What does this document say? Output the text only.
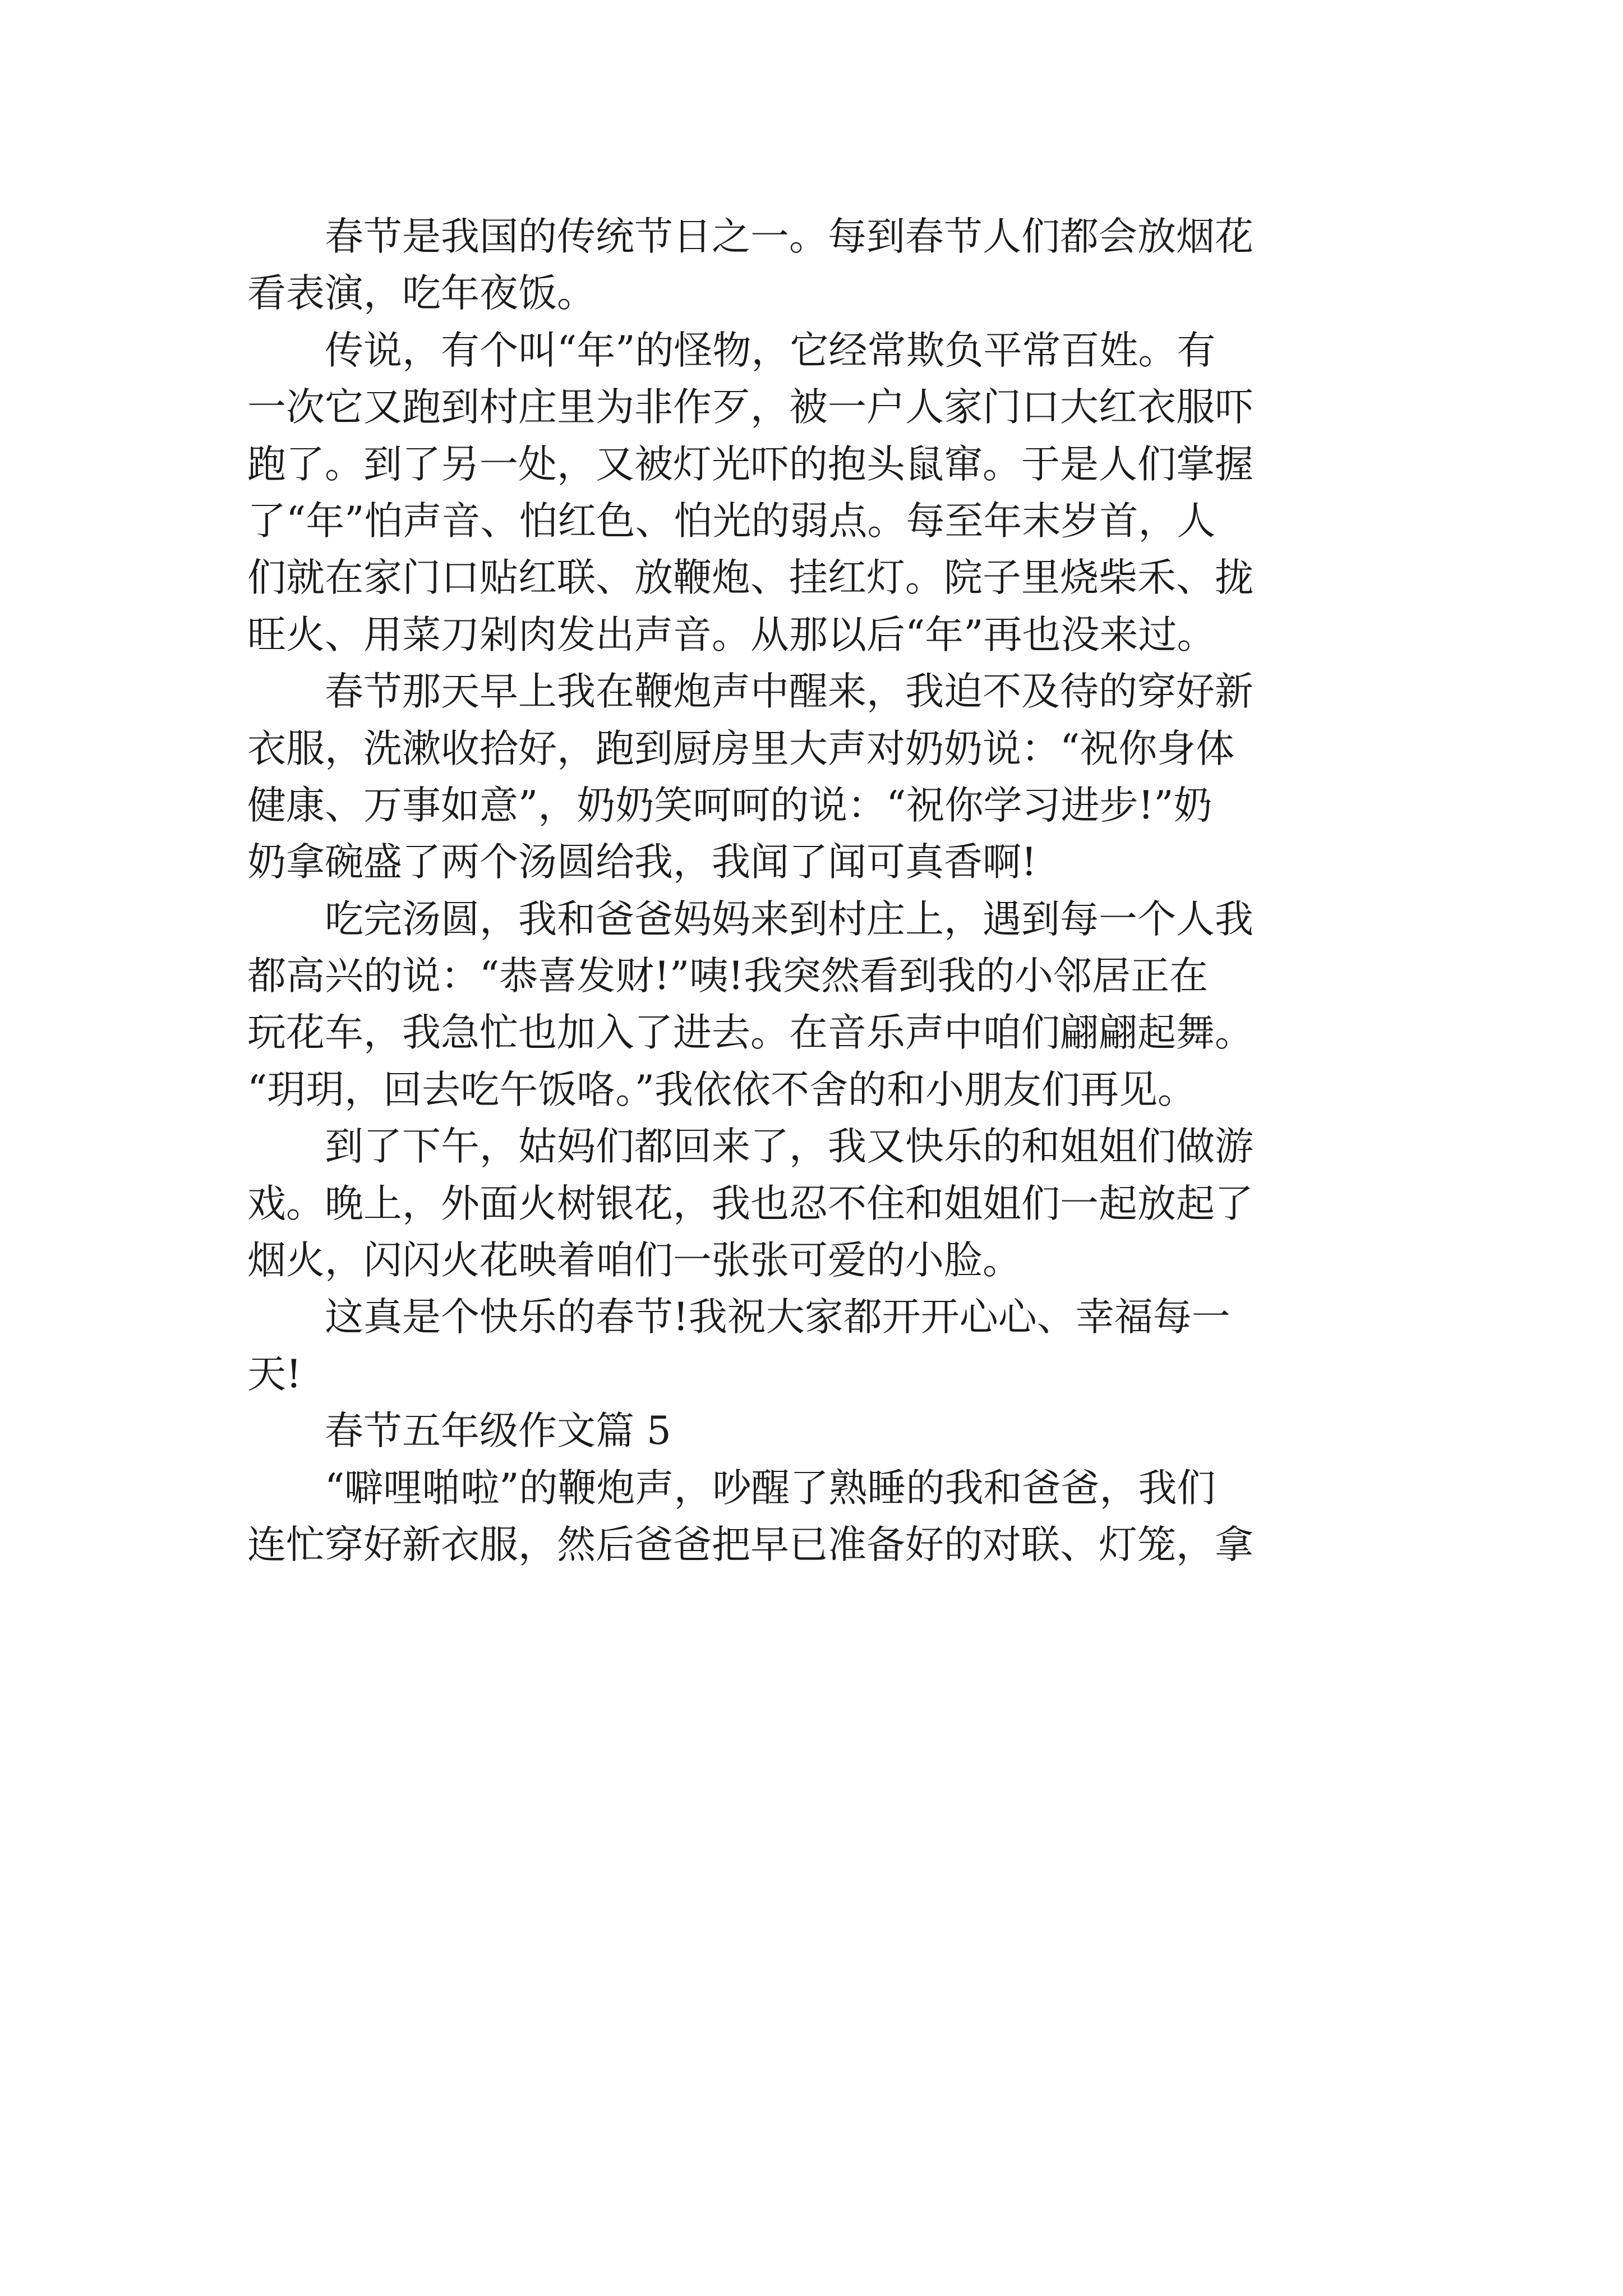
　　春节是我国的传统节日之一。每到春节人们都会放烟花
看表演，吃年夜饭。
　　传说，有个叫“年”的怪物，它经常欺负平常百姓。有
一次它又跑到村庄里为非作歹，被一户人家门口大红衣服吓
跑了。到了另一处，又被灯光吓的抱头鼠窜。于是人们掌握
了“年”怕声音、怕红色、怕光的弱点。每至年末岁首，人
们就在家门口贴红联、放鞭炮、挂红灯。院子里烧柴禾、拢
旺火、用菜刀剁肉发出声音。从那以后“年”再也没来过。
　　春节那天早上我在鞭炮声中醒来，我迫不及待的穿好新
衣服，洗漱收拾好，跑到厨房里大声对奶奶说：“祝你身体
健康、万事如意”，奶奶笑呵呵的说：“祝你学习进步!”奶
奶拿碗盛了两个汤圆给我，我闻了闻可真香啊!
　　吃完汤圆，我和爸爸妈妈来到村庄上，遇到每一个人我
都高兴的说：“恭喜发财!”咦!我突然看到我的小邻居正在
玩花车，我急忙也加入了进去。在音乐声中咱们翩翩起舞。
“玥玥，回去吃午饭咯。”我依依不舍的和小朋友们再见。
　　到了下午，姑妈们都回来了，我又快乐的和姐姐们做游
戏。晚上，外面火树银花，我也忍不住和姐姐们一起放起了
烟火，闪闪火花映着咱们一张张可爱的小脸。
　　这真是个快乐的春节!我祝大家都开开心心、幸福每一
天!
　　春节五年级作文篇 5
　　“噼哩啪啦”的鞭炮声，吵醒了熟睡的我和爸爸，我们
连忙穿好新衣服，然后爸爸把早已准备好的对联、灯笼，拿
